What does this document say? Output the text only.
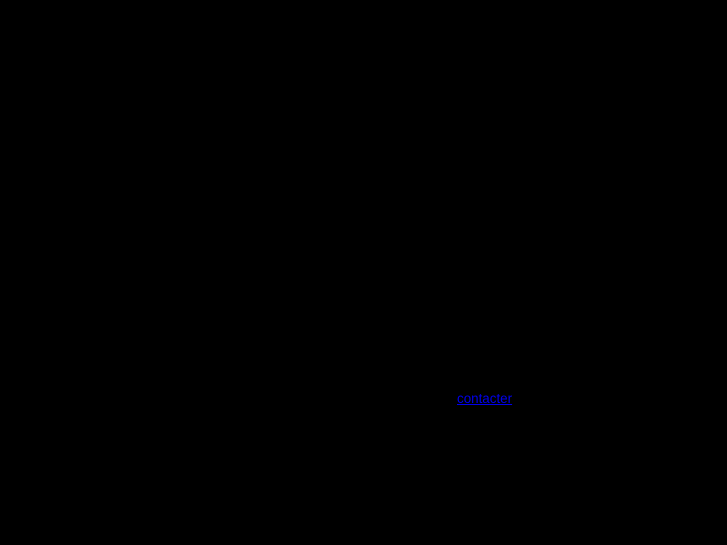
contacter
